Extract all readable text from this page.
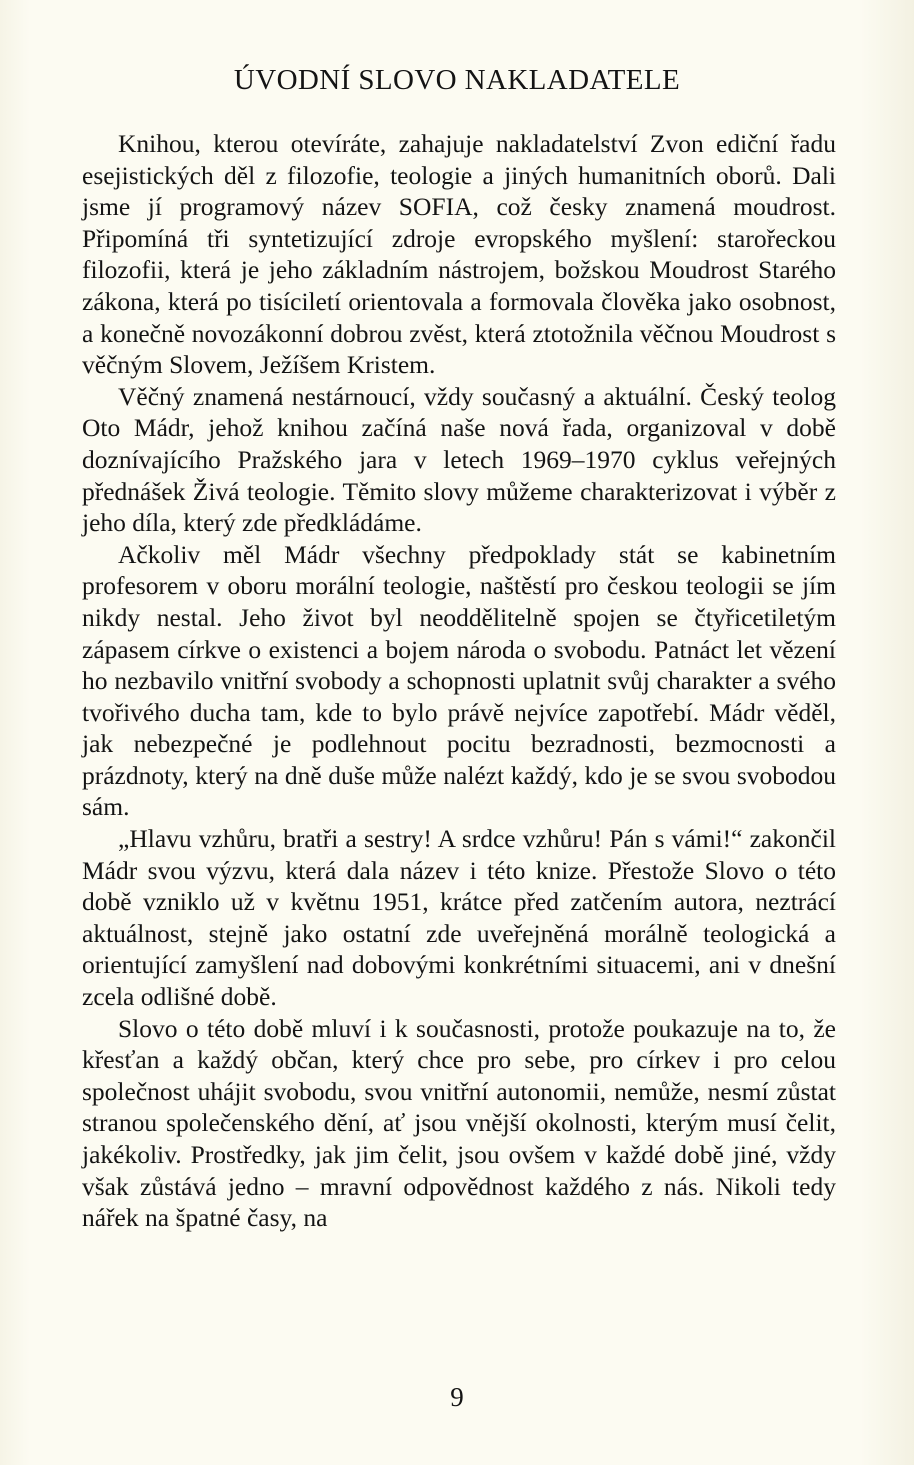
ÚVODNÍ SLOVO NAKLADATELE

Knihou, kterou otevíráte, zahajuje nakladatelství Zvon ediční řadu esejistických děl z filozofie, teologie a jiných humanitních oborů. Dali jsme jí programový název SOFIA, což česky znamená moudrost. Připomíná tři syntetizující zdroje evropského myšlení: starořeckou filozofii, která je jeho základním nástrojem, božskou Moudrost Starého zákona, která po tisíciletí orientovala a formovala člověka jako osobnost, a konečně novozákonní dobrou zvěst, která ztotožnila věčnou Moudrost s věčným Slovem, Ježíšem Kristem.

Věčný znamená nestárnoucí, vždy současný a aktuální. Český teolog Oto Mádr, jehož knihou začíná naše nová řada, organizoval v době doznívajícího Pražského jara v letech 1969–1970 cyklus veřejných přednášek Živá teologie. Těmito slovy můžeme charakterizovat i výběr z jeho díla, který zde předkládáme.

Ačkoliv měl Mádr všechny předpoklady stát se kabinetním profesorem v oboru morální teologie, naštěstí pro českou teologii se jím nikdy nestal. Jeho život byl neoddělitelně spojen se čtyřicetiletým zápasem církve o existenci a bojem národa o svobodu. Patnáct let vězení ho nezbavilo vnitřní svobody a schopnosti uplatnit svůj charakter a svého tvořivého ducha tam, kde to bylo právě nejvíce zapotřebí. Mádr věděl, jak nebezpečné je podlehnout pocitu bezradnosti, bezmocnosti a prázdnoty, který na dně duše může nalézt každý, kdo je se svou svobodou sám.

„Hlavu vzhůru, bratři a sestry! A srdce vzhůru! Pán s vámi!“ zakončil Mádr svou výzvu, která dala název i této knize. Přestože Slovo o této době vzniklo už v květnu 1951, krátce před zatčením autora, neztrácí aktuálnost, stejně jako ostatní zde uveřejněná morálně teologická a orientující zamyšlení nad dobovými konkrétními situacemi, ani v dnešní zcela odlišné době.

Slovo o této době mluví i k současnosti, protože poukazuje na to, že křesťan a každý občan, který chce pro sebe, pro církev i pro celou společnost uhájit svobodu, svou vnitřní autonomii, nemůže, nesmí zůstat stranou společenského dění, ať jsou vnější okolnosti, kterým musí čelit, jakékoliv. Prostředky, jak jim čelit, jsou ovšem v každé době jiné, vždy však zůstává jedno – mravní odpovědnost každého z nás. Nikoli tedy nářek na špatné časy, na

9
